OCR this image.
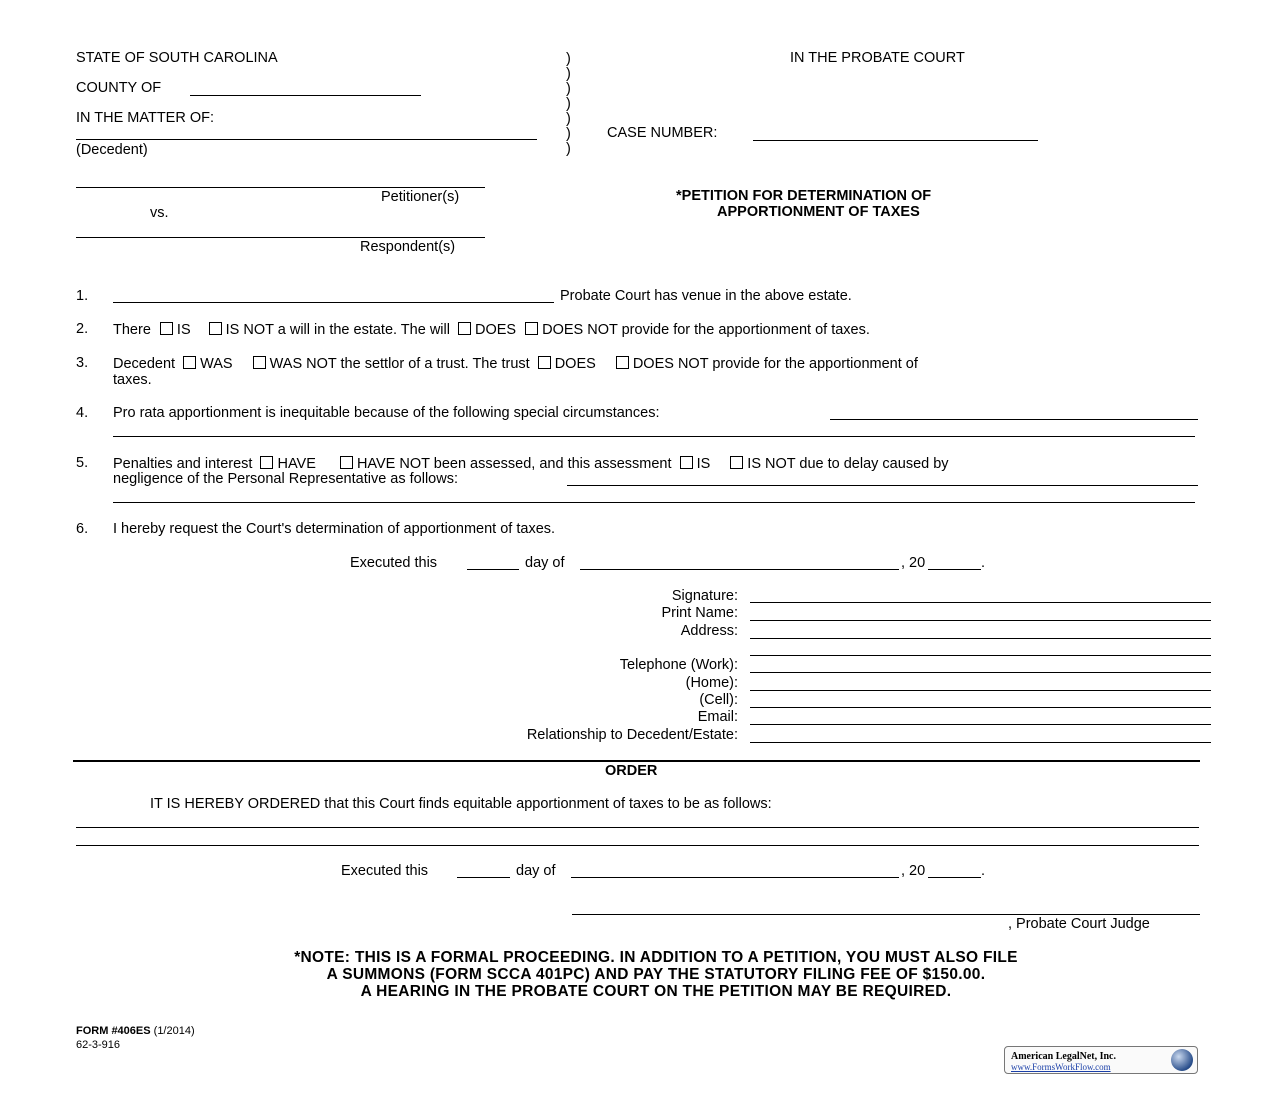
STATE OF SOUTH CAROLINA
COUNTY OF
IN THE MATTER OF:
(Decedent)
)
)
)
)
)
)
)
IN THE PROBATE COURT
CASE NUMBER:
Petitioner(s)
vs.
Respondent(s)
*PETITION FOR DETERMINATION OF
APPORTIONMENT OF TAXES
1.	Probate Court has venue in the above estate.
2. There IS IS NOT a will in the estate. The will DOES DOES NOT provide for the apportionment of taxes.
3. Decedent WAS	WAS NOT the settlor of a trust. The trust DOES	DOES NOT provide for the apportionment of
taxes.
4. Pro rata apportionment is inequitable because of the following special circumstances:
5. Penalties and interest HAVE	HAVE NOT been assessed, and this assessment IS	IS NOT due to delay caused by
negligence of the Personal Representative as follows:
6. I hereby request the Court's determination of apportionment of taxes.
Executed this	day of	, 20	.
Signature:
Print Name:
Address:
Telephone (Work):
(Home):
(Cell):
Email:
Relationship to Decedent/Estate:
ORDER
IT IS HEREBY ORDERED that this Court finds equitable apportionment of taxes to be as follows:
Executed this	day of	, 20	.
, Probate Court Judge
*NOTE: THIS IS A FORMAL PROCEEDING. IN ADDITION TO A PETITION, YOU MUST ALSO FILE
A SUMMONS (FORM SCCA 401PC) AND PAY THE STATUTORY FILING FEE OF $150.00.
A HEARING IN THE PROBATE COURT ON THE PETITION MAY BE REQUIRED.
FORM #406ES (1/2014)
62-3-916
American LegalNet, Inc.
www.FormsWorkFlow.com
